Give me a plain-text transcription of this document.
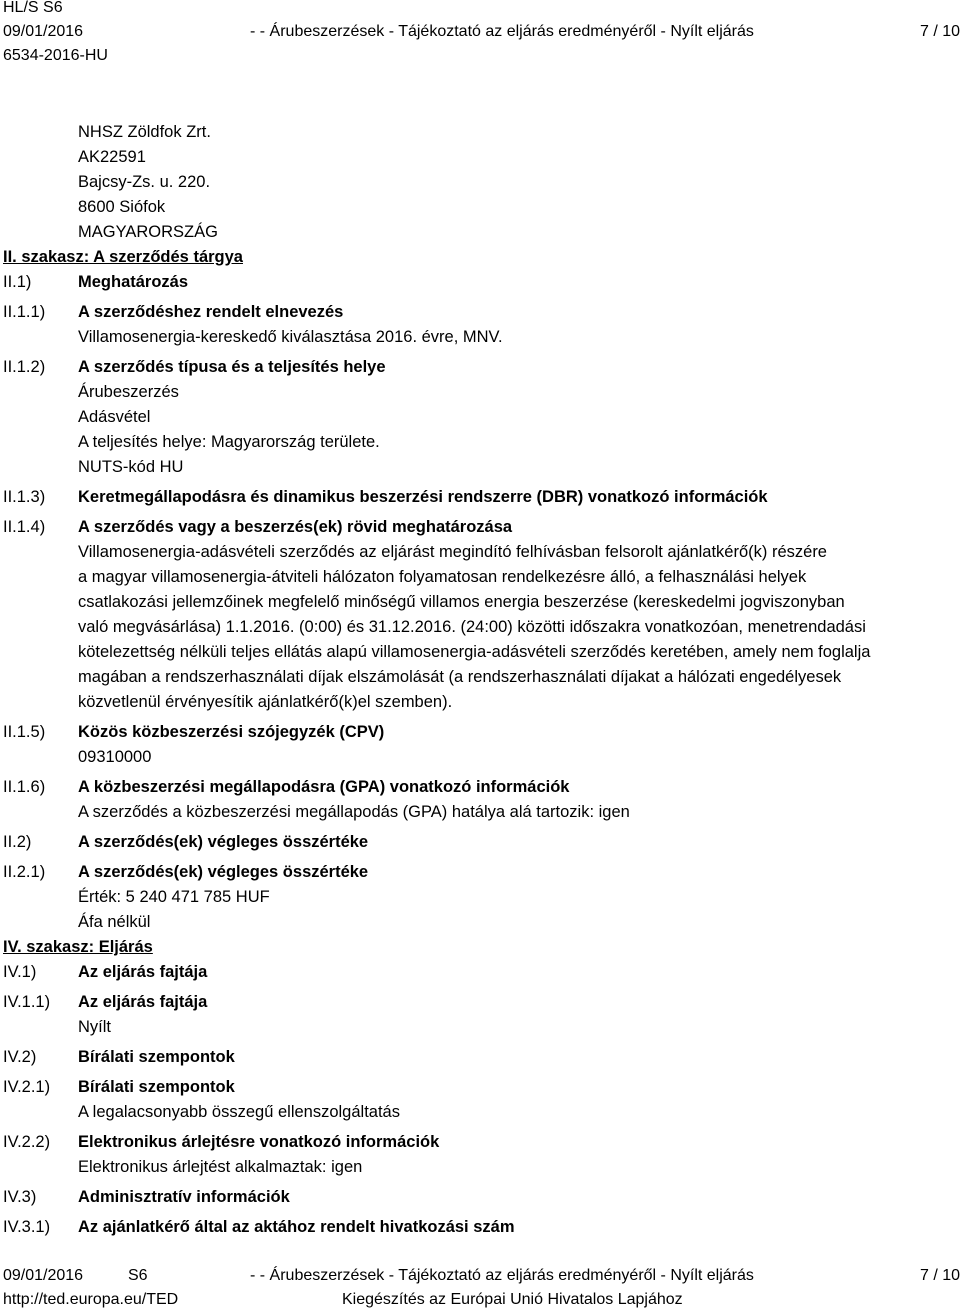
HL/S S6
09/01/2016
6534-2016-HU
- - Árubeszerzések - Tájékoztató az eljárás eredményéről - Nyílt eljárás	7 / 10
NHSZ Zöldfok Zrt.
AK22591
Bajcsy-Zs. u. 220.
8600 Siófok
MAGYARORSZÁG
II. szakasz: A szerződés tárgya
II.1)	Meghatározás
II.1.1) A szerződéshez rendelt elnevezés
Villamosenergia-kereskedő kiválasztása 2016. évre, MNV.
II.1.2) A szerződés típusa és a teljesítés helye
Árubeszerzés
Adásvétel
A teljesítés helye: Magyarország területe.
NUTS-kód HU
II.1.3) Keretmegállapodásra és dinamikus beszerzési rendszerre (DBR) vonatkozó információk
II.1.4) A szerződés vagy a beszerzés(ek) rövid meghatározása
Villamosenergia-adásvételi szerződés az eljárást megindító felhívásban felsorolt ajánlatkérő(k) részére
a magyar villamosenergia-átviteli hálózaton folyamatosan rendelkezésre álló, a felhasználási helyek
csatlakozási jellemzőinek megfelelő minőségű villamos energia beszerzése (kereskedelmi jogviszonyban
való megvásárlása) 1.1.2016. (0:00) és 31.12.2016. (24:00) közötti időszakra vonatkozóan, menetrendadási
kötelezettség nélküli teljes ellátás alapú villamosenergia-adásvételi szerződés keretében, amely nem foglalja
magában a rendszerhasználati díjak elszámolását (a rendszerhasználati díjakat a hálózati engedélyesek
közvetlenül érvényesítik ajánlatkérő(k)el szemben).
II.1.5) Közös közbeszerzési szójegyzék (CPV)
09310000
II.1.6) A közbeszerzési megállapodásra (GPA) vonatkozó információk
A szerződés a közbeszerzési megállapodás (GPA) hatálya alá tartozik: igen
II.2)	A szerződés(ek) végleges összértéke
II.2.1) A szerződés(ek) végleges összértéke
Érték: 5 240 471 785 HUF
Áfa nélkül
IV. szakasz: Eljárás
IV.1)	Az eljárás fajtája
IV.1.1) Az eljárás fajtája
Nyílt
IV.2)	Bírálati szempontok
IV.2.1) Bírálati szempontok
A legalacsonyabb összegű ellenszolgáltatás
IV.2.2) Elektronikus árlejtésre vonatkozó információk
Elektronikus árlejtést alkalmaztak: igen
IV.3)	Adminisztratív információk
IV.3.1) Az ajánlatkérő által az aktához rendelt hivatkozási szám
09/01/2016	S6
http://ted.europa.eu/TED
- - Árubeszerzések - Tájékoztató az eljárás eredményéről - Nyílt eljárás
Kiegészítés az Európai Unió Hivatalos Lapjához
7 / 10
